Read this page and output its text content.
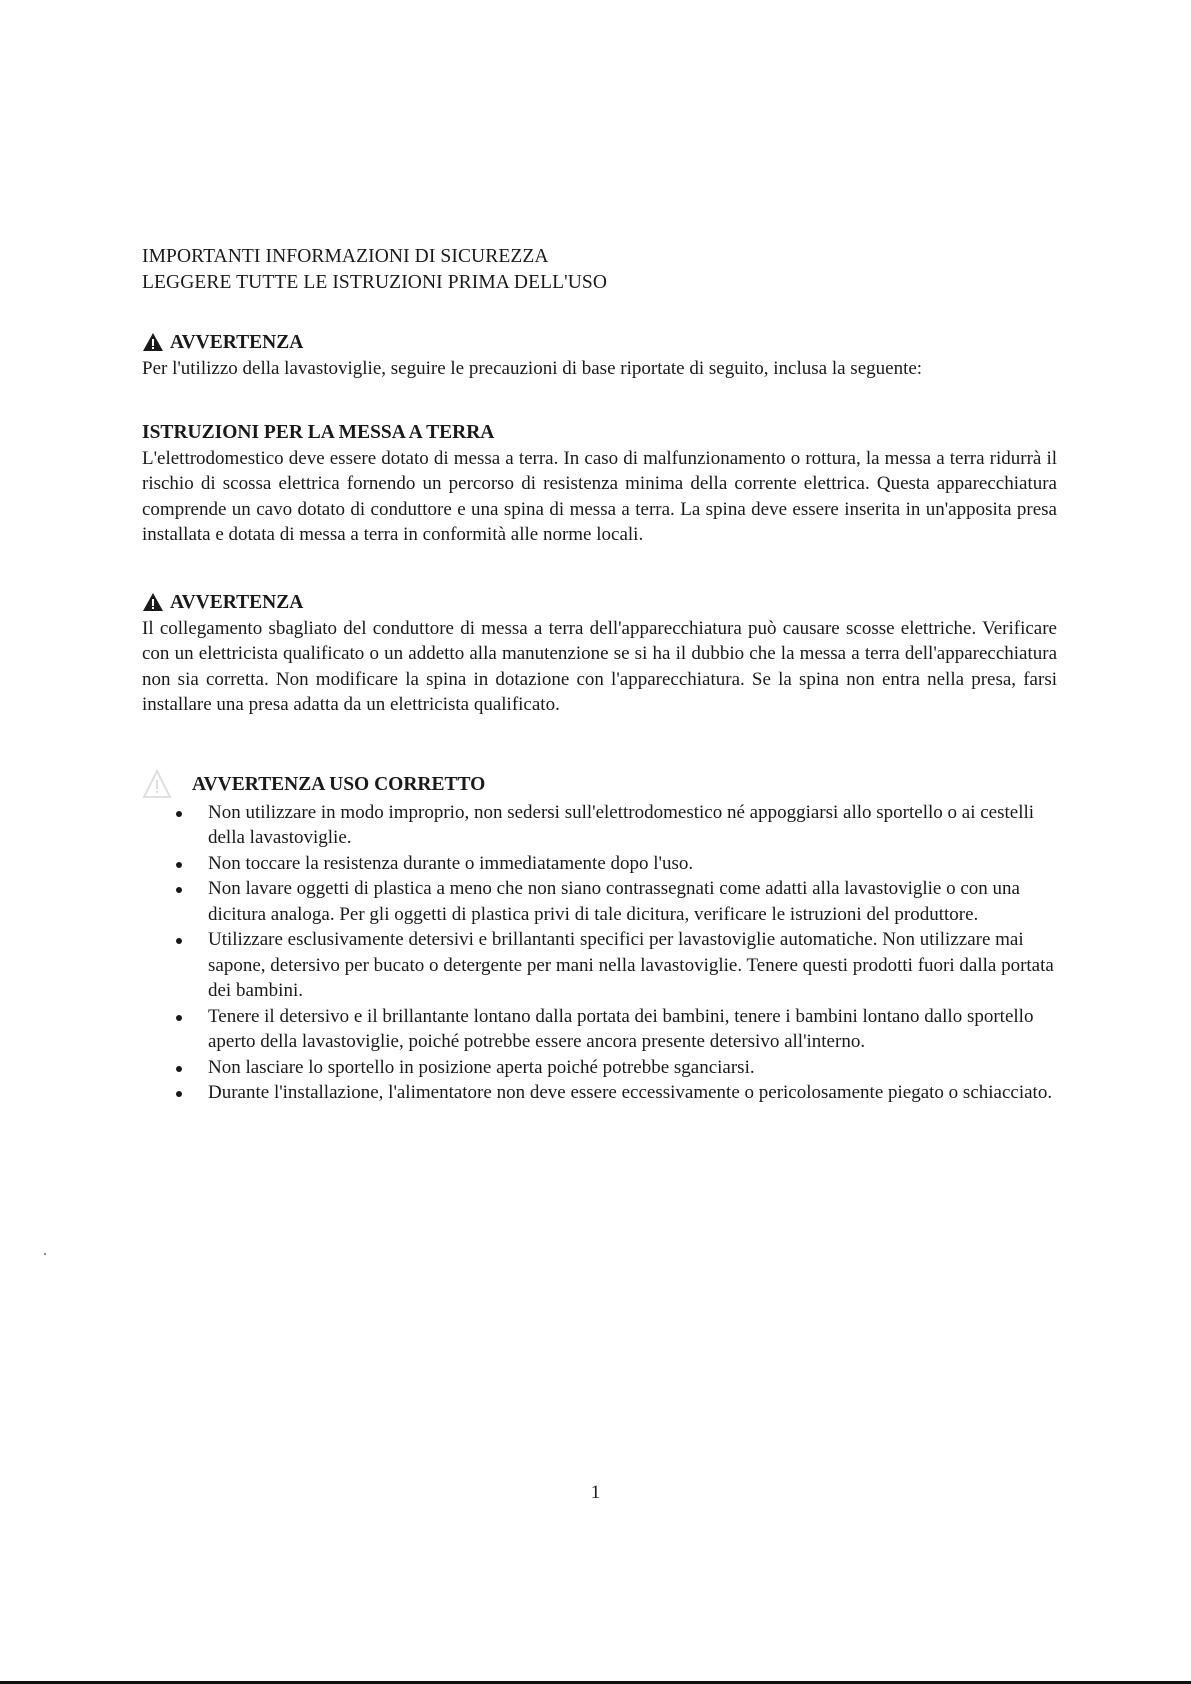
IMPORTANTI INFORMAZIONI DI SICUREZZA
LEGGERE TUTTE LE ISTRUZIONI PRIMA DELL'USO
AVVERTENZA

Per l'utilizzo della lavastoviglie, seguire le precauzioni di base riportate di seguito, inclusa la seguente:

ISTRUZIONI PER LA MESSA A TERRA

L'elettrodomestico deve essere dotato di messa a terra. In caso di malfunzionamento o rottura, la messa a terra ridurrà il rischio di scossa elettrica fornendo un percorso di resistenza minima della corrente elettrica. Questa apparecchiatura comprende un cavo dotato di conduttore e una spina di messa a terra. La spina deve essere inserita in un'apposita presa installata e dotata di messa a terra in conformità alle norme locali.

AVVERTENZA

Il collegamento sbagliato del conduttore di messa a terra dell'apparecchiatura può causare scosse elettriche. Verificare con un elettricista qualificato o un addetto alla manutenzione se si ha il dubbio che la messa a terra dell'apparecchiatura non sia corretta. Non modificare la spina in dotazione con l'apparecchiatura. Se la spina non entra nella presa, farsi installare una presa adatta da un elettricista qualificato.

AVVERTENZA USO CORRETTO
Non utilizzare in modo improprio, non sedersi sull'elettrodomestico né appoggiarsi allo sportello o ai cestelli della lavastoviglie.
Non toccare la resistenza durante o immediatamente dopo l'uso.
Non lavare oggetti di plastica a meno che non siano contrassegnati come adatti alla lavastoviglie o con una dicitura analoga. Per gli oggetti di plastica privi di tale dicitura, verificare le istruzioni del produttore.
Utilizzare esclusivamente detersivi e brillantanti specifici per lavastoviglie automatiche. Non utilizzare mai sapone, detersivo per bucato o detergente per mani nella lavastoviglie. Tenere questi prodotti fuori dalla portata dei bambini.
Tenere il detersivo e il brillantante lontano dalla portata dei bambini, tenere i bambini lontano dallo sportello aperto della lavastoviglie, poiché potrebbe essere ancora presente detersivo all'interno.
Non lasciare lo sportello in posizione aperta poiché potrebbe sganciarsi.
Durante l'installazione, l'alimentatore non deve essere eccessivamente o pericolosamente piegato o schiacciato.
1
